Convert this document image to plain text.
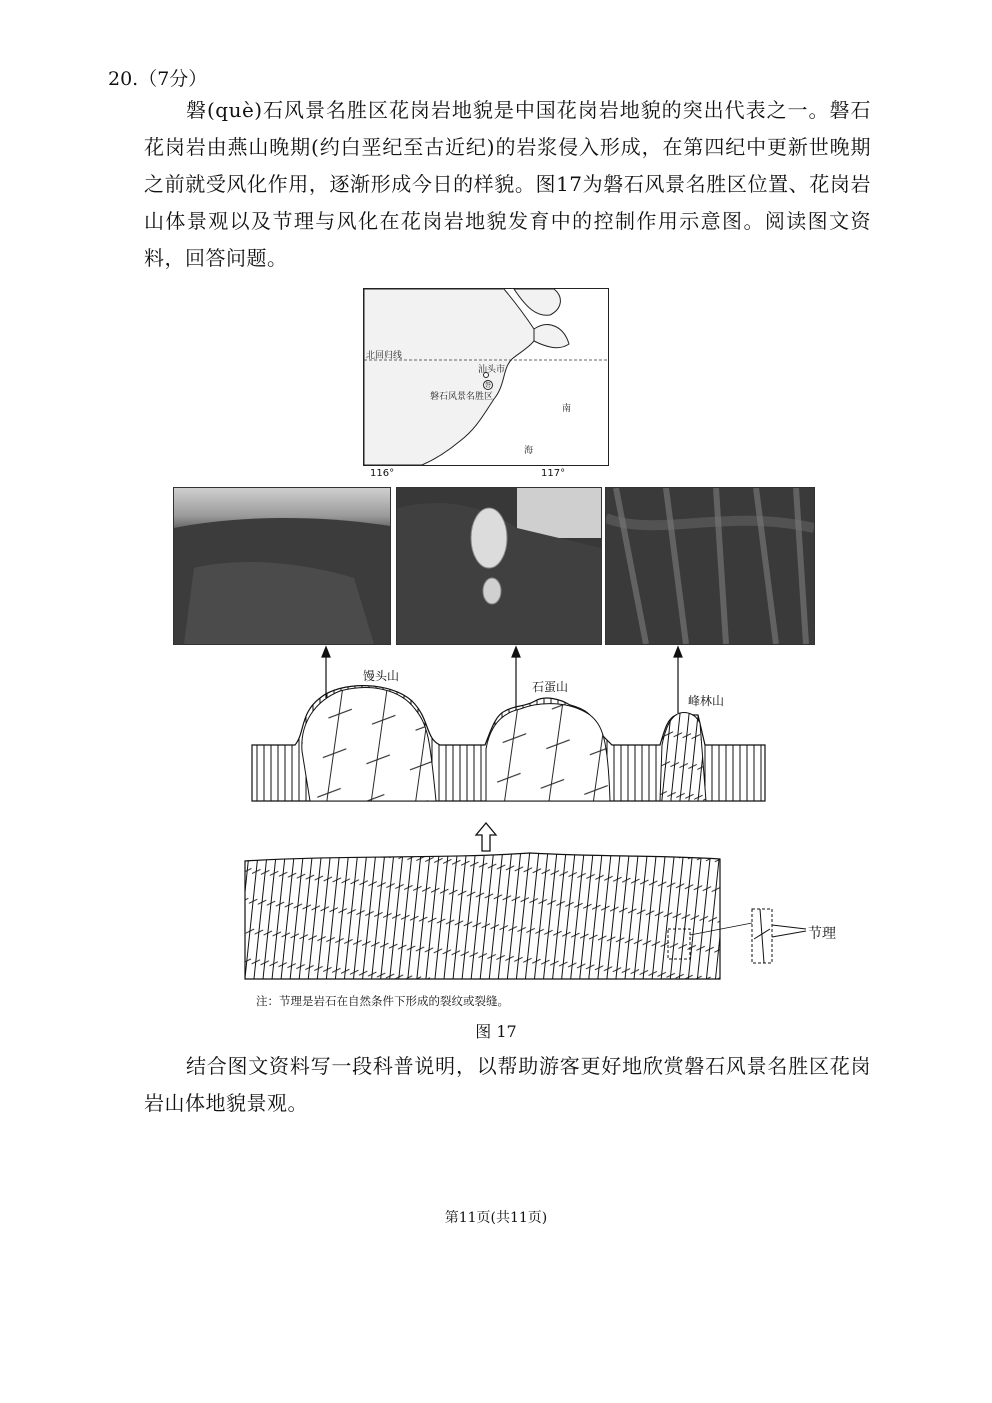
20.（7分）

磐(què)石风景名胜区花岗岩地貌是中国花岗岩地貌的突出代表之一。磐石花岗岩由燕山晚期(约白垩纪至古近纪)的岩浆侵入形成，在第四纪中更新世晚期之前就受风化作用，逐渐形成今日的样貌。图17为磐石风景名胜区位置、花岗岩山体景观以及节理与风化在花岗岩地貌发育中的控制作用示意图。阅读图文资料，回答问题。

北回归线
汕头市
磐
磐石风景名胜区
南
海
116°	117°
馒头山
石蛋山
峰林山
节理
注：节理是岩石在自然条件下形成的裂纹或裂缝。
图 17

结合图文资料写一段科普说明，以帮助游客更好地欣赏磐石风景名胜区花岗岩山体地貌景观。

第11页(共11页)
